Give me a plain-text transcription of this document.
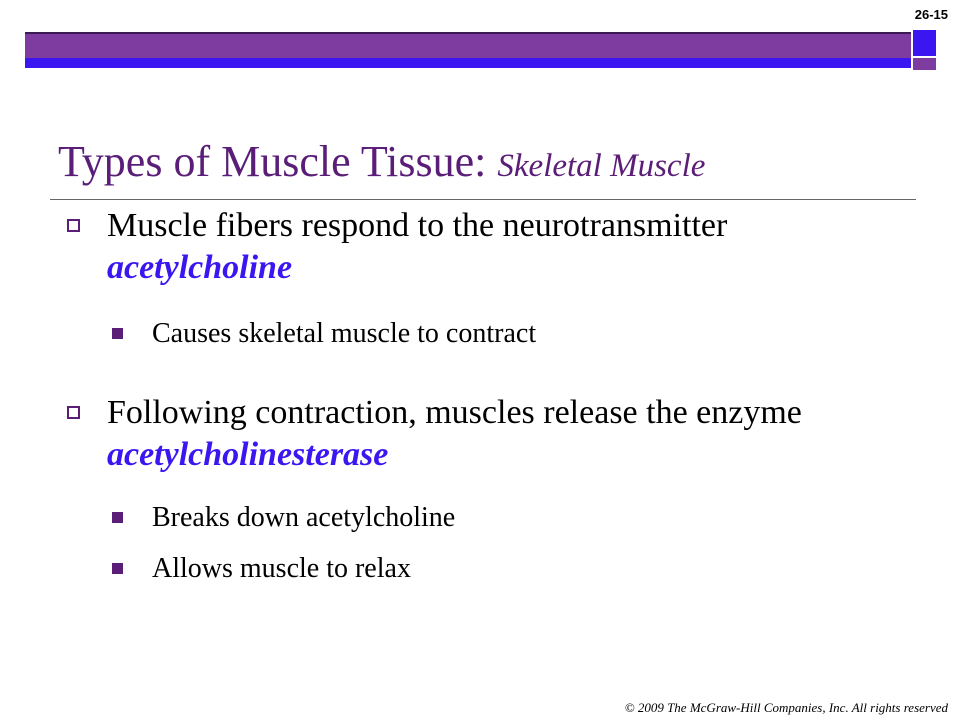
26-15
Types of Muscle Tissue: Skeletal Muscle
Muscle fibers respond to the neurotransmitter acetylcholine
Causes skeletal muscle to contract
Following contraction, muscles release the enzyme acetylcholinesterase
Breaks down acetylcholine
Allows muscle to relax
© 2009 The McGraw-Hill Companies, Inc. All rights reserved
